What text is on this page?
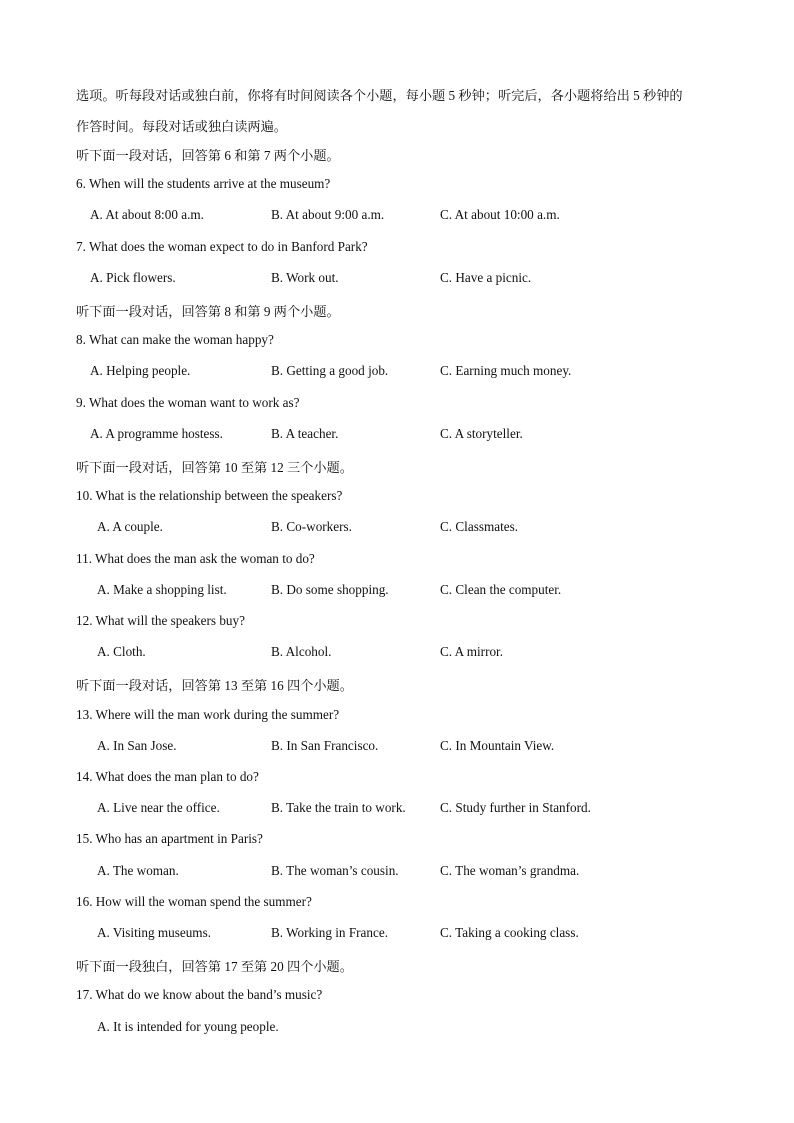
选项。听每段对话或独白前，你将有时间阅读各个小题，每小题 5 秒钟；听完后，各小题将给出 5 秒钟的
作答时间。每段对话或独白读两遍。
听下面一段对话，回答第 6 和第 7 两个小题。
6. When will the students arrive at the museum?
A. At about 8:00 a.m.	B. At about 9:00 a.m.	C. At about 10:00 a.m.
7. What does the woman expect to do in Banford Park?
A. Pick flowers.	B. Work out.	C. Have a picnic.
听下面一段对话，回答第 8 和第 9 两个小题。
8. What can make the woman happy?
A. Helping people.	B. Getting a good job.	C. Earning much money.
9. What does the woman want to work as?
A. A programme hostess.	B. A teacher.	C. A storyteller.
听下面一段对话，回答第 10 至第 12 三个小题。
10. What is the relationship between the speakers?
A. A couple.	B. Co-workers.	C. Classmates.
11. What does the man ask the woman to do?
A. Make a shopping list.	B. Do some shopping.	C. Clean the computer.
12. What will the speakers buy?
A. Cloth.	B. Alcohol.	C. A mirror.
听下面一段对话，回答第 13 至第 16 四个小题。
13. Where will the man work during the summer?
A. In San Jose.	B. In San Francisco.	C. In Mountain View.
14. What does the man plan to do?
A. Live near the office.	B. Take the train to work.	C. Study further in Stanford.
15. Who has an apartment in Paris?
A. The woman.	B. The woman’s cousin.	C. The woman’s grandma.
16. How will the woman spend the summer?
A. Visiting museums.	B. Working in France.	C. Taking a cooking class.
听下面一段独白，回答第 17 至第 20 四个小题。
17. What do we know about the band’s music?
A. It is intended for young people.
